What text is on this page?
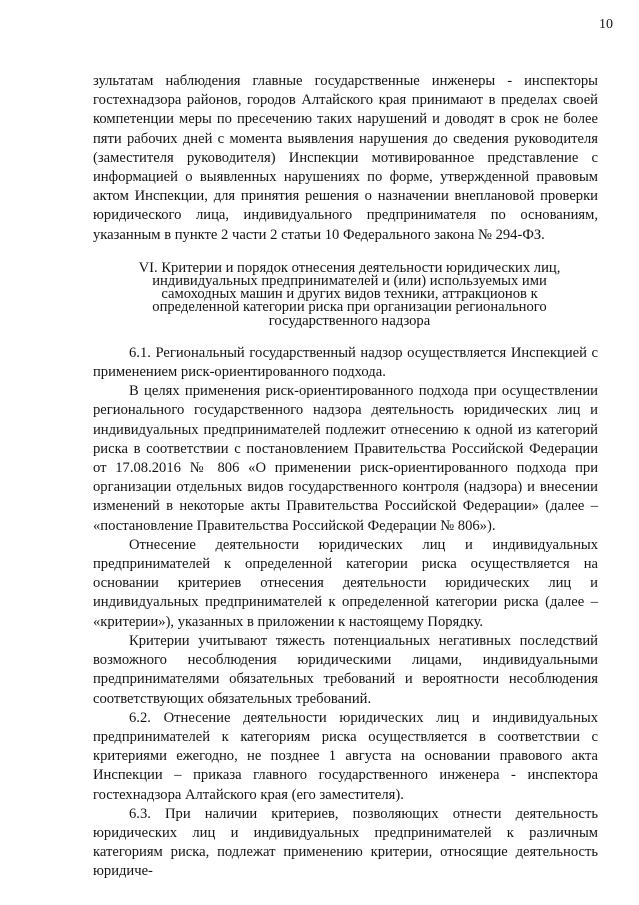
10

зультатам наблюдения главные государственные инженеры - инспекторы гостехнадзора районов, городов Алтайского края принимают в пределах своей компетенции меры по пресечению таких нарушений и доводят в срок не более пяти рабочих дней с момента выявления нарушения до сведения руководителя (заместителя руководителя) Инспекции мотивированное представление с информацией о выявленных нарушениях по форме, утвержденной правовым актом Инспекции, для принятия решения о назначении внеплановой проверки юридического лица, индивидуального предпринимателя по основаниям, указанным в пункте 2 части 2 статьи 10 Федерального закона № 294-ФЗ.

VI. Критерии и порядок отнесения деятельности юридических лиц,
индивидуальных предпринимателей и (или) используемых ими
самоходных машин и других видов техники, аттракционов к
определенной категории риска при организации регионального
государственного надзора

6.1. Региональный государственный надзор осуществляется Инспекцией с применением риск-ориентированного подхода.

В целях применения риск-ориентированного подхода при осуществлении регионального государственного надзора деятельность юридических лиц и индивидуальных предпринимателей подлежит отнесению к одной из категорий риска в соответствии с постановлением Правительства Российской Федерации от 17.08.2016 № 806 «О применении риск-ориентированного подхода при организации отдельных видов государственного контроля (надзора) и внесении изменений в некоторые акты Правительства Российской Федерации» (далее – «постановление Правительства Российской Федерации № 806»).

Отнесение деятельности юридических лиц и индивидуальных предпринимателей к определенной категории риска осуществляется на основании критериев отнесения деятельности юридических лиц и индивидуальных предпринимателей к определенной категории риска (далее – «критерии»), указанных в приложении к настоящему Порядку.

Критерии учитывают тяжесть потенциальных негативных последствий возможного несоблюдения юридическими лицами, индивидуальными предпринимателями обязательных требований и вероятности несоблюдения соответствующих обязательных требований.

6.2. Отнесение деятельности юридических лиц и индивидуальных предпринимателей к категориям риска осуществляется в соответствии с критериями ежегодно, не позднее 1 августа на основании правового акта Инспекции – приказа главного государственного инженера - инспектора гостехнадзора Алтайского края (его заместителя).

6.3. При наличии критериев, позволяющих отнести деятельность юридических лиц и индивидуальных предпринимателей к различным категориям риска, подлежат применению критерии, относящие деятельность юридиче-
